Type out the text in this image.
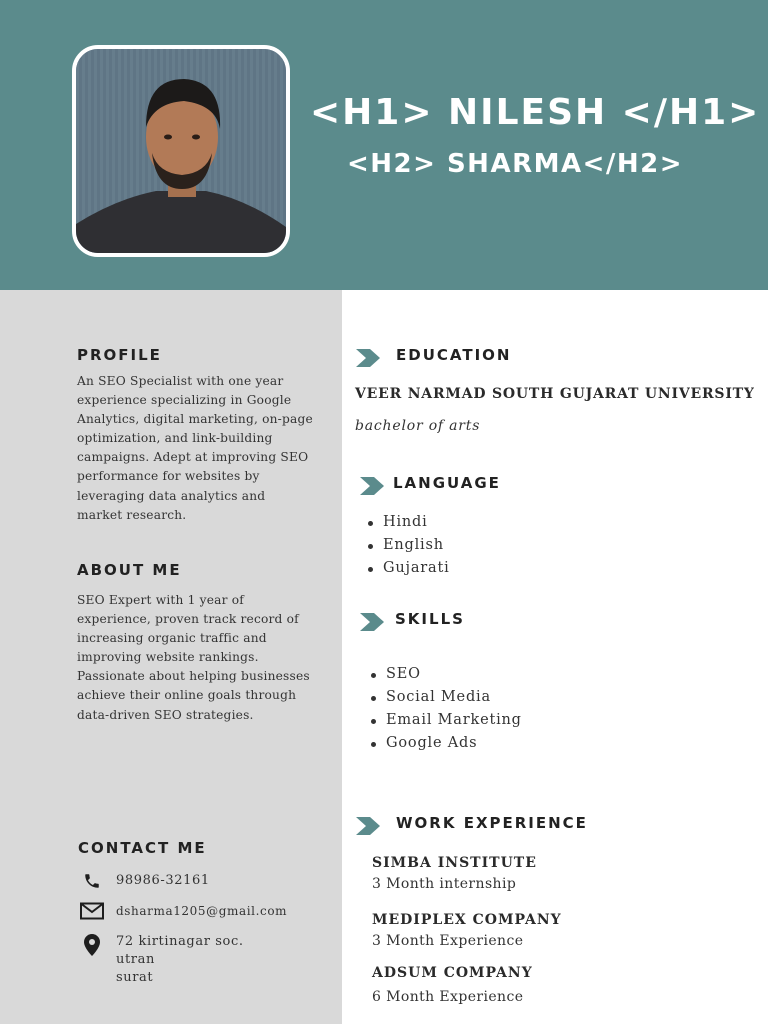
<H1> NILESH </H1>
<H2> SHARMA</H2>
PROFILE
An SEO Specialist with one year experience specializing in Google Analytics, digital marketing, on-page optimization, and link-building campaigns. Adept at improving SEO performance for websites by leveraging data analytics and market research.
ABOUT ME
SEO Expert with 1 year of experience, proven track record of increasing organic traffic and improving website rankings. Passionate about helping businesses achieve their online goals through data-driven SEO strategies.
CONTACT ME
98986-32161
dsharma1205@gmail.com
72 kirtinagar soc.
utran
surat
EDUCATION
VEER NARMAD SOUTH GUJARAT UNIVERSITY
bachelor of arts
LANGUAGE
Hindi
English
Gujarati
SKILLS
SEO
Social Media
Email Marketing
Google Ads
WORK EXPERIENCE
SIMBA INSTITUTE
3 Month internship
MEDIPLEX COMPANY
3 Month Experience
ADSUM COMPANY
6 Month Experience
